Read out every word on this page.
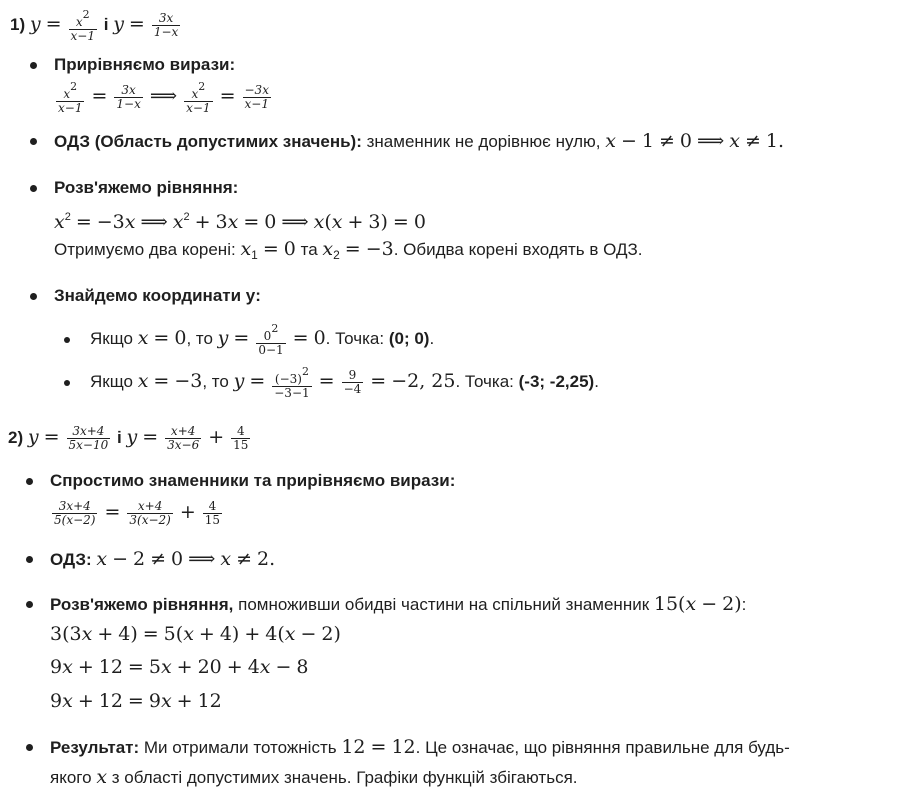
1) $y = \frac{x2}{x-1}$ і $y = \frac{3x}{1-x}$
Прирівняємо вирази:
$\frac{x2}{x-1} = \frac{3x}{1-x}$ ⟹ $\frac{x2}{x-1} = \frac{-3x}{x-1}$
ОДЗ (Область допустимих значень): знаменник не дорівнює нулю, x − 1 ≠ 0 ⟹ x ≠ 1.
Розв'яжемо рівняння:
$x^2 = -3x$ ⟹ $x^2 + 3x = 0$ ⟹ x(x + 3) = 0
Отримуємо два корені: $x_1 = 0$ та $x_2 = -3$. Обидва корені входять в ОДЗ.
Знайдемо координати y:
Якщо x = 0, то $y = \frac{02}{0-1} = 0$. Точка: (0; 0).
Якщо x = −3, то $y = \frac{(-3)2}{-3-1} = \frac{9}{-4} = -2$, 25. Точка: (-3; -2,25).
2) $y = \frac{3x+4}{5x-10}$ і $y = \frac{x+4}{3x-6} + \frac{4}{15}$
Спростимо знаменники та прирівняємо вирази:
$\frac{3x+4}{5(x-2)} = \frac{x+4}{3(x-2)} + \frac{4}{15}$
ОДЗ: x − 2 ≠ 0 ⟹ x ≠ 2.
Розв'яжемо рівняння, помноживши обидві частини на спільний знаменник 15(x − 2):
3(3x + 4) = 5(x + 4) + 4(x − 2)
9x + 12 = 5x + 20 + 4x − 8
9x + 12 = 9x + 12
Результат: Ми отримали тотожність 12 = 12. Це означає, що рівняння правильне для будь-
якого x з області допустимих значень. Графіки функцій збігаються.
